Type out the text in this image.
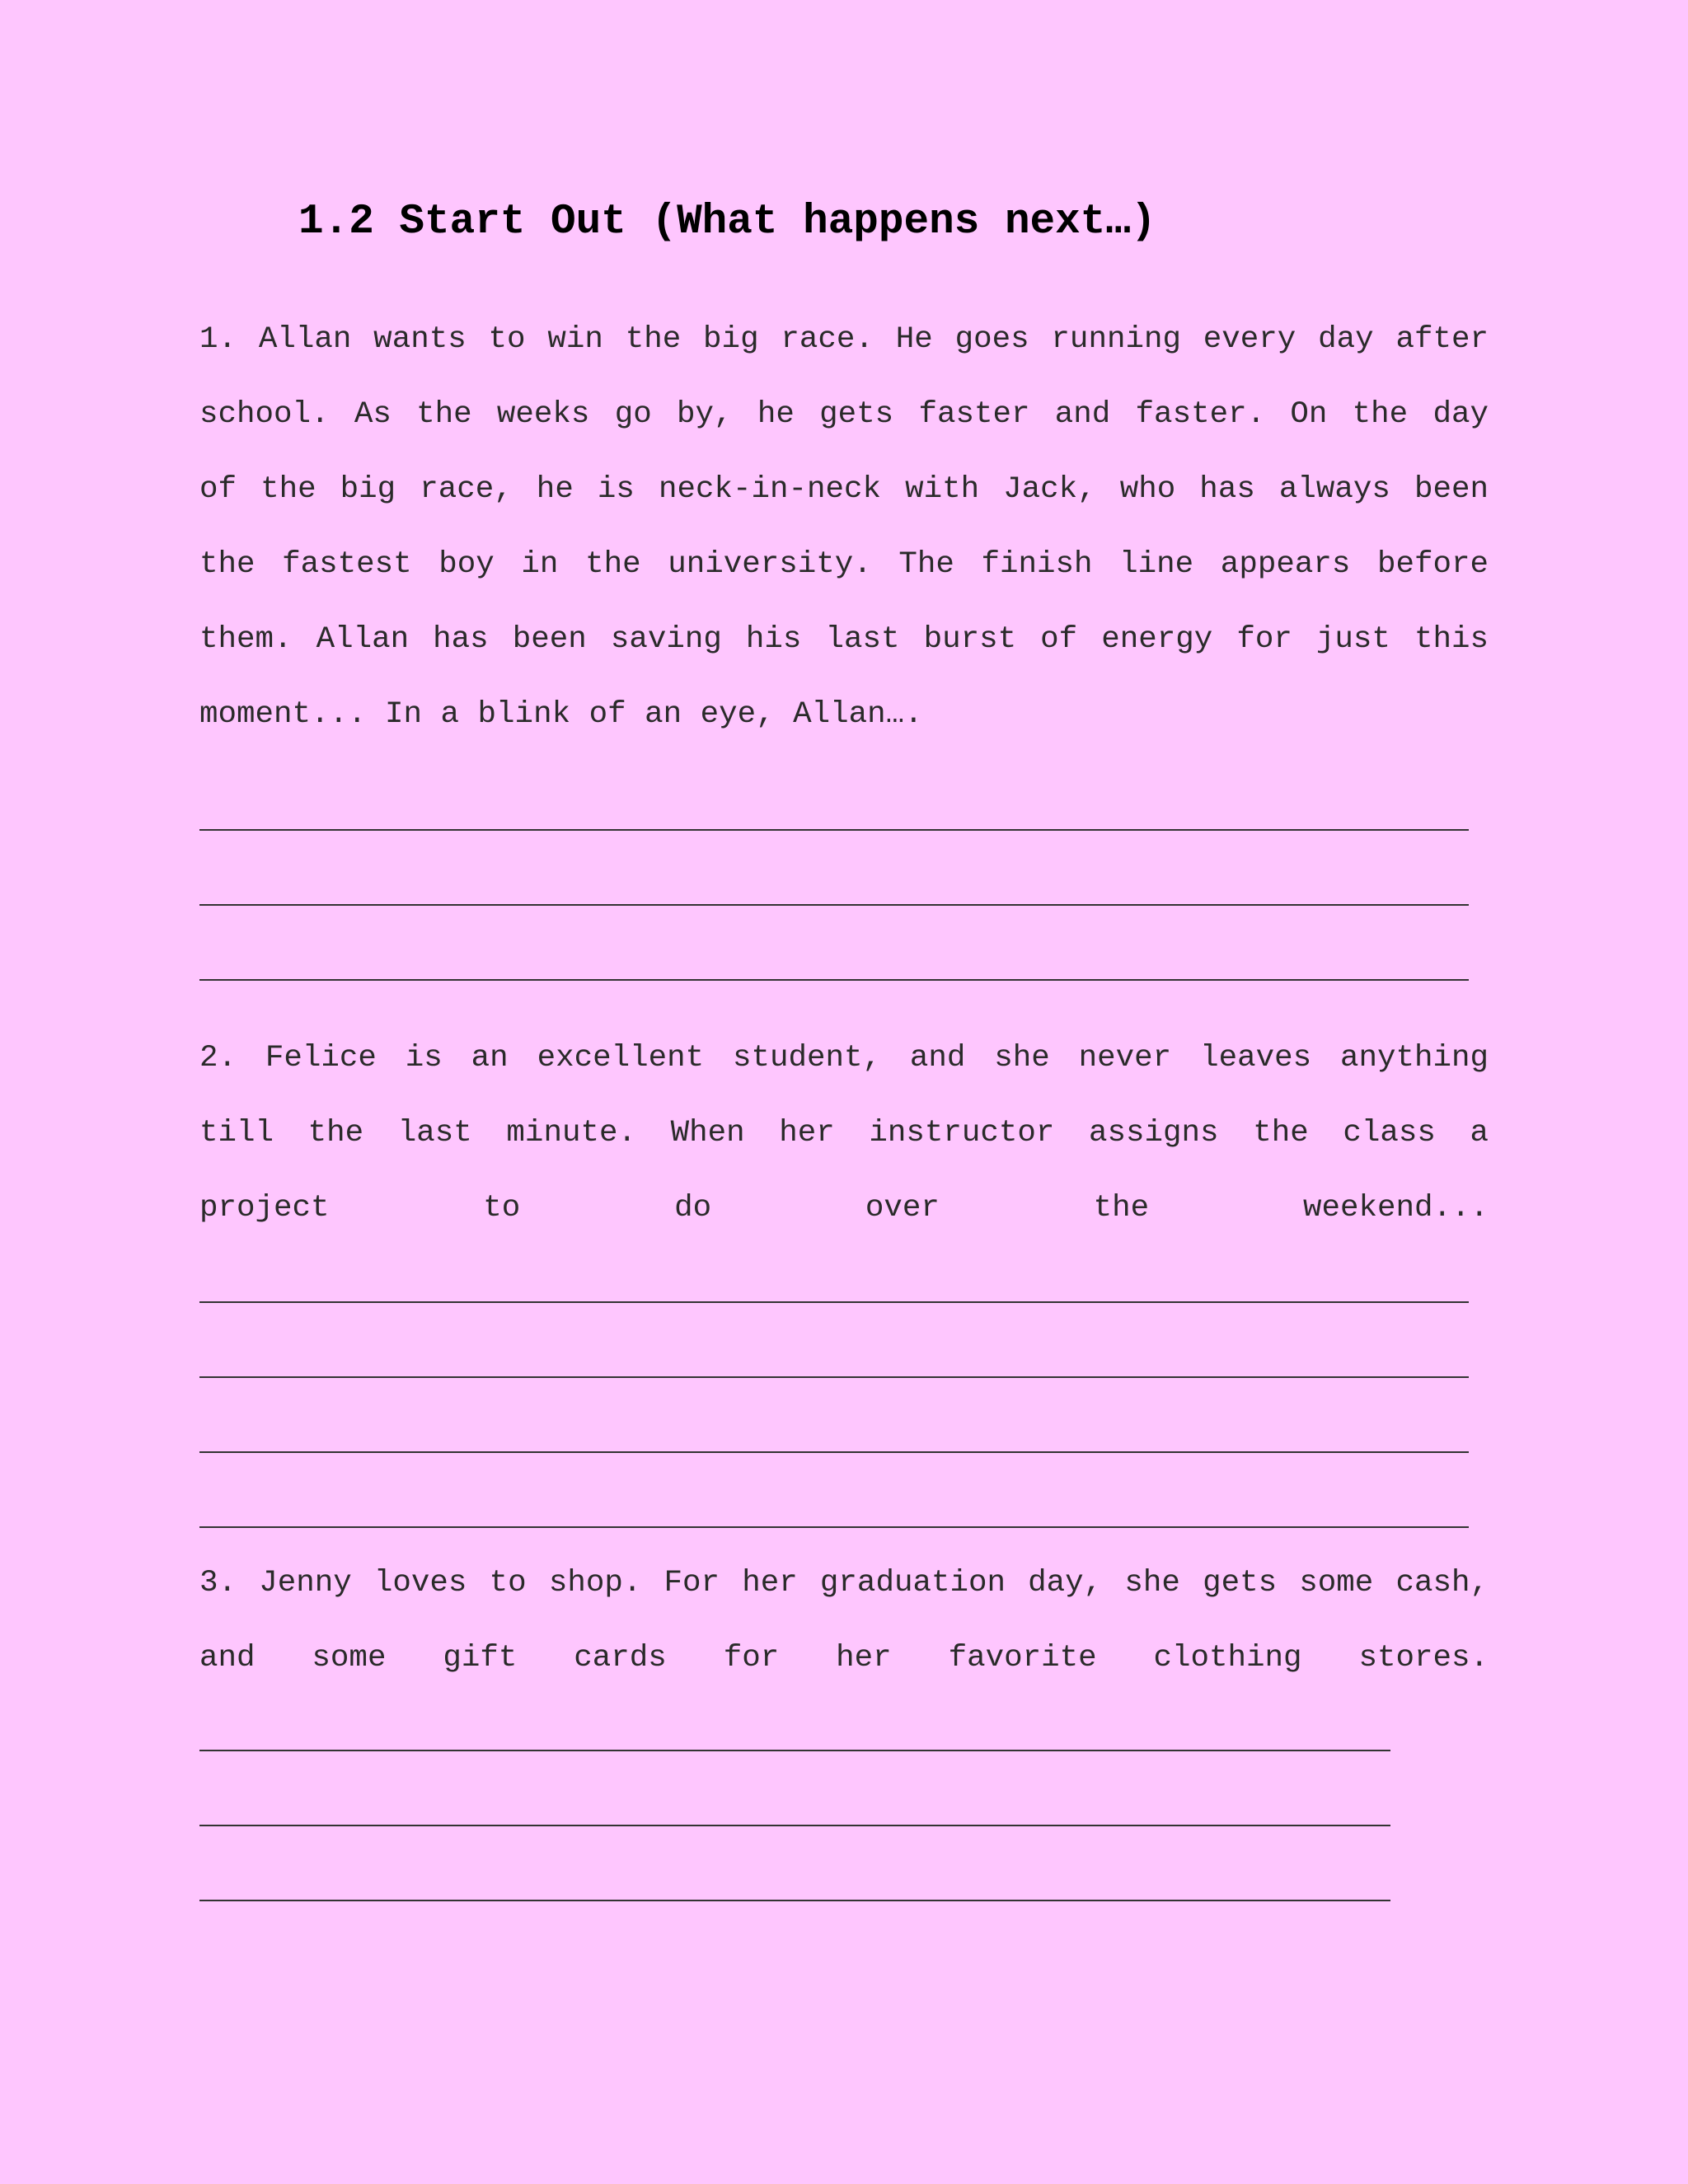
1.2 Start Out (What happens next…)
1. Allan wants to win the big race. He goes running every day after
school. As the weeks go by, he gets faster and faster. On the day
of the big race, he is neck-in-neck with Jack, who has always been
the fastest boy in the university. The finish line appears before
them. Allan has been saving his last burst of energy for just this
moment... In a blink of an eye, Allan….
2. Felice is an excellent student, and she never leaves anything
till the last minute. When her instructor assigns the class a
project to do over the weekend...
3. Jenny loves to shop. For her graduation day, she gets some cash,
and some gift cards for her favorite clothing stores.
